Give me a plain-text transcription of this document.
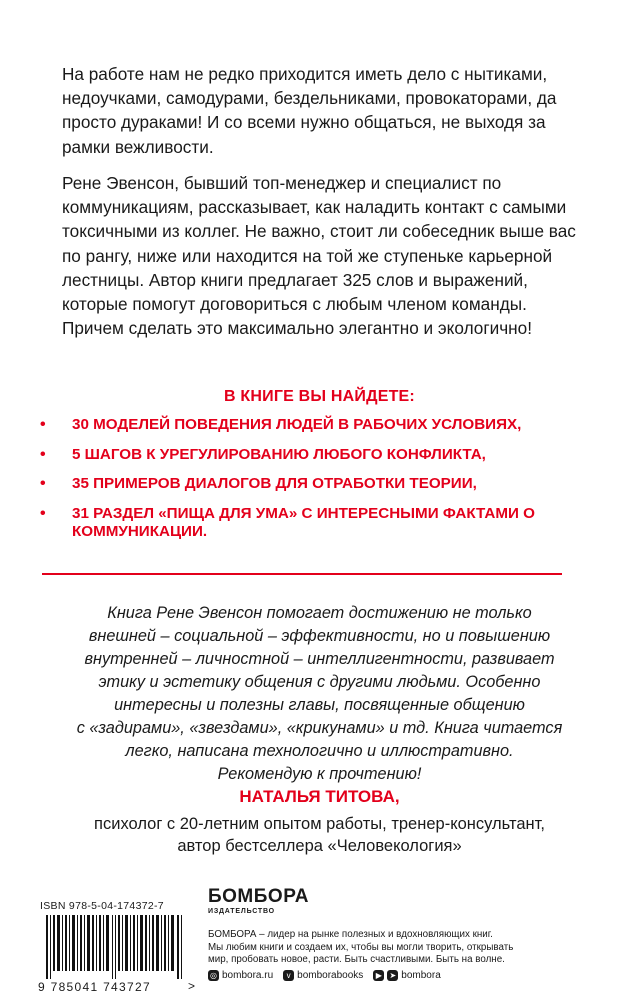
На работе нам не редко приходится иметь дело с нытиками, недоучками, самодурами, бездельниками, провокаторами, да просто дураками! И со всеми нужно общаться, не выходя за рамки вежливости.

Рене Эвенсон, бывший топ-менеджер и специалист по коммуникациям, рассказывает, как наладить контакт с самыми токсичными из коллег. Не важно, стоит ли собеседник выше вас по рангу, ниже или находится на той же ступеньке карьерной лестницы. Автор книги предлагает 325 слов и выражений, которые помогут договориться с любым членом команды. Причем сделать это максимально элегантно и экологично!

В КНИГЕ ВЫ НАЙДЕТЕ:
• 30 МОДЕЛЕЙ ПОВЕДЕНИЯ ЛЮДЕЙ В РАБОЧИХ УСЛОВИЯХ,
• 5 ШАГОВ К УРЕГУЛИРОВАНИЮ ЛЮБОГО КОНФЛИКТА,
• 35 ПРИМЕРОВ ДИАЛОГОВ ДЛЯ ОТРАБОТКИ ТЕОРИИ,
• 31 РАЗДЕЛ «ПИЩА ДЛЯ УМА» С ИНТЕРЕСНЫМИ ФАКТАМИ О КОММУНИКАЦИИ.

Книга Рене Эвенсон помогает достижению не только
внешней – социальной – эффективности, но и повышению
внутренней – личностной – интеллигентности, развивает
этику и эстетику общения с другими людьми. Особенно
интересны и полезны главы, посвященные общению
с «задирами», «звездами», «крикунами» и тд. Книга читается
легко, написана технологично и иллюстративно.
Рекомендую к прочтению!

НАТАЛЬЯ ТИТОВА,
психолог с 20-летним опытом работы, тренер-консультант,
автор бестселлера «Человекология»
ISBN 978-5-04-174372-7
9 785041 743727	>
БОМБОРА
ИЗДАТЕЛЬСТВО
БОМБОРА – лидер на рынке полезных и вдохновляющих книг.
Мы любим книги и создаем их, чтобы вы могли творить, открывать
мир, пробовать новое, расти. Быть счастливыми. Быть на волне.
◎ bombora.ru	v bomborabooks	▶ ➤ bombora
